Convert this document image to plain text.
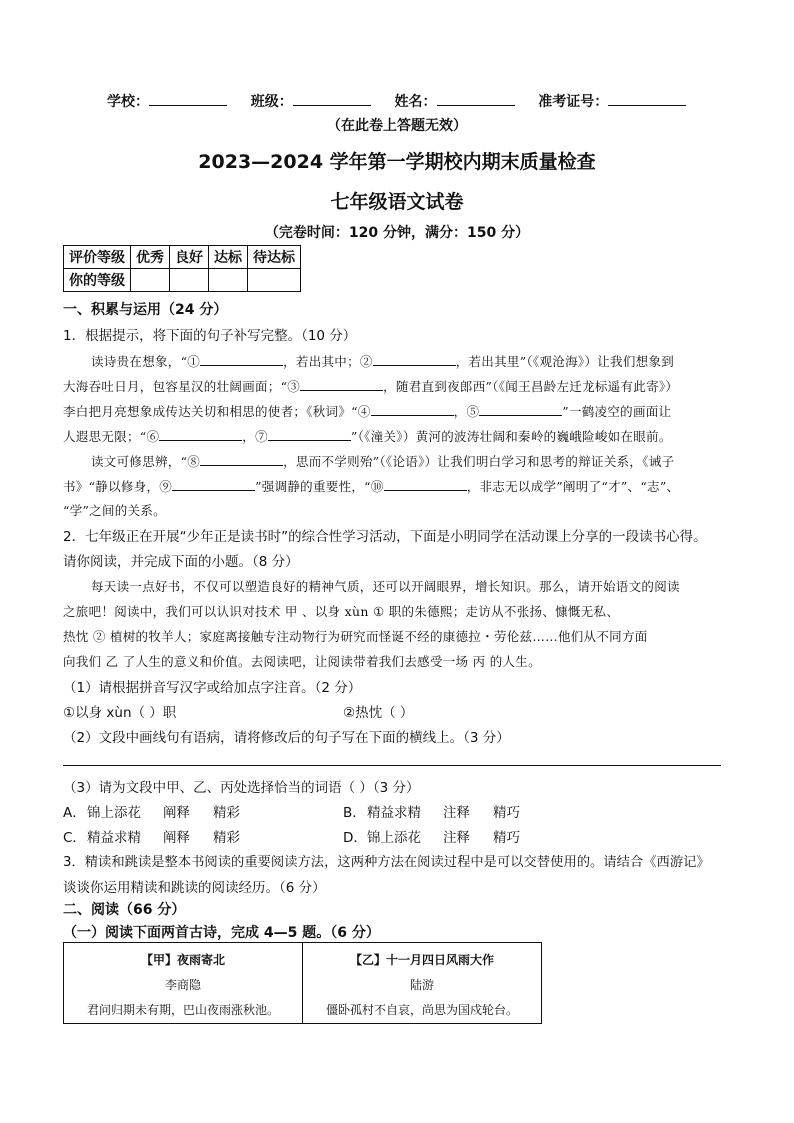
学校：	班级：	姓名：	准考证号：
（在此卷上答题无效）
2023—2024 学年第一学期校内期末质量检查
七年级语文试卷
（完卷时间：120 分钟，满分：150 分）
评价等级	优秀	良好	达标	待达标
你的等级				
一、积累与运用（24 分）
1．根据提示，将下面的句子补写完整。（10 分）
读诗贵在想象，“①	，若出其中；②	，若出其里”（《观沧海》）让我们想象到
大海吞吐日月，包容星汉的壮阔画面；“③	，随君直到夜郎西”（《闻王昌龄左迁龙标遥有此寄》）
李白把月亮想象成传达关切和相思的使者；《秋词》“④	，⑤	”一鹤凌空的画面让
人遐思无限；“⑥	，⑦	”（《潼关》）黄河的波涛壮阔和秦岭的巍峨险峻如在眼前。
读文可修思辨，“⑧	，思而不学则殆”（《论语》）让我们明白学习和思考的辩证关系，《诫子
书》“静以修身，⑨	”强调静的重要性，“⑩	，非志无以成学”阐明了“才”、“志”、
“学”之间的关系。
2．七年级正在开展“少年正是读书时”的综合性学习活动，下面是小明同学在活动课上分享的一段读书心得。
请你阅读，并完成下面的小题。（8 分）
每天读一点好书，不仅可以塑造良好的精神气质，还可以开阔眼界，增长知识。那么，请开始语文的阅读
之旅吧！阅读中，我们可以认识对技术 甲 、以身 xùn ① 职的朱德熙；走访从不张扬、慷慨无私、
热忱 ② 植树的牧羊人；家庭离接触专注动物行为研究而怪诞不经的康德拉・劳伦兹……他们从不同方面
向我们 乙 了人生的意义和价值。去阅读吧，让阅读带着我们去感受一场 丙 的人生。
（1）请根据拼音写汉字或给加点字注音。（2 分）
①以身 xùn（ ）职	②热忱（ ）
（2）文段中画线句有语病，请将修改后的句子写在下面的横线上。（3 分）
（3）请为文段中甲、乙、丙处选择恰当的词语（ ）（3 分）
A． 锦上添花	阐释	精彩	B． 精益求精	注释	精巧
C． 精益求精	阐释	精彩	D． 锦上添花	注释	精巧
3．精读和跳读是整本书阅读的重要阅读方法，这两种方法在阅读过程中是可以交替使用的。请结合《西游记》
谈谈你运用精读和跳读的阅读经历。（6 分）
二、阅读（66 分）
（一）阅读下面两首古诗，完成 4—5 题。（6 分）
【甲】夜雨寄北
李商隐
君问归期未有期，巴山夜雨涨秋池。
【乙】十一月四日风雨大作
陆游
僵卧孤村不自哀，尚思为国戍轮台。
